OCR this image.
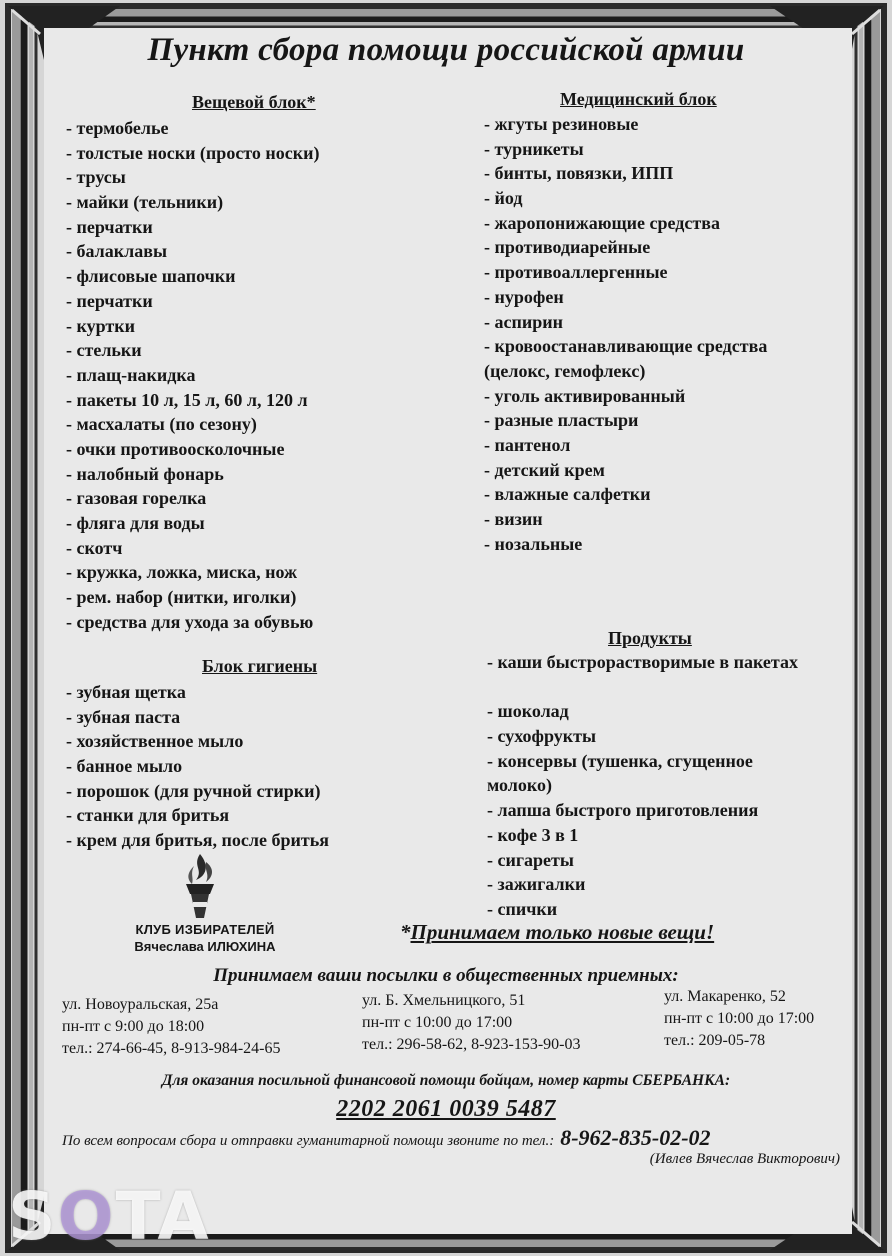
Пункт сбора помощи российской армии
Вещевой блок*
- термобелье
- толстые носки (просто носки)
- трусы
- майки (тельники)
- перчатки
- балаклавы
- флисовые шапочки
- перчатки
- куртки
- стельки
- плащ-накидка
- пакеты 10 л, 15 л, 60 л, 120 л
- масхалаты (по сезону)
- очки противоосколочные
- налобный фонарь
- газовая горелка
- фляга для воды
- скотч
- кружка, ложка, миска, нож
- рем. набор (нитки, иголки)
- средства для ухода за обувью
Блок гигиены
- зубная щетка
- зубная паста
- хозяйственное мыло
- банное мыло
- порошок (для ручной стирки)
- станки для бритья
- крем для бритья, после бритья
Медицинский блок
- жгуты резиновые
- турникеты
- бинты, повязки, ИПП
- йод
- жаропонижающие средства
- противодиарейные
- противоаллергенные
- нурофен
- аспирин
- кровоостанавливающие средства (целокс, гемофлекс)
- уголь активированный
- разные пластыри
- пантенол
- детский крем
- влажные салфетки
- визин
- нозальные
Продукты
- каши быстрорастворимые в пакетах
- шоколад
- сухофрукты
- консервы (тушенка, сгущенное молоко)
- лапша быстрого приготовления
- кофе 3 в 1
- сигареты
- зажигалки
- спички
КЛУБ ИЗБИРАТЕЛЕЙ
Вячеслава ИЛЮХИНА
*Принимаем только новые вещи!
Принимаем ваши посылки в общественных приемных:
ул. Новоуральская, 25а
пн-пт с 9:00 до 18:00
тел.: 274-66-45, 8-913-984-24-65
ул. Б. Хмельницкого, 51
пн-пт с 10:00 до 17:00
тел.: 296-58-62, 8-923-153-90-03
ул. Макаренко, 52
пн-пт с 10:00 до 17:00
тел.: 209-05-78
Для оказания посильной финансовой помощи бойцам, номер карты СБЕРБАНКА:
2202 2061 0039 5487
По всем вопросам сбора и отправки гуманитарной помощи звоните по тел.: 8-962-835-02-02
(Ивлев Вячеслав Викторович)
SOTA
